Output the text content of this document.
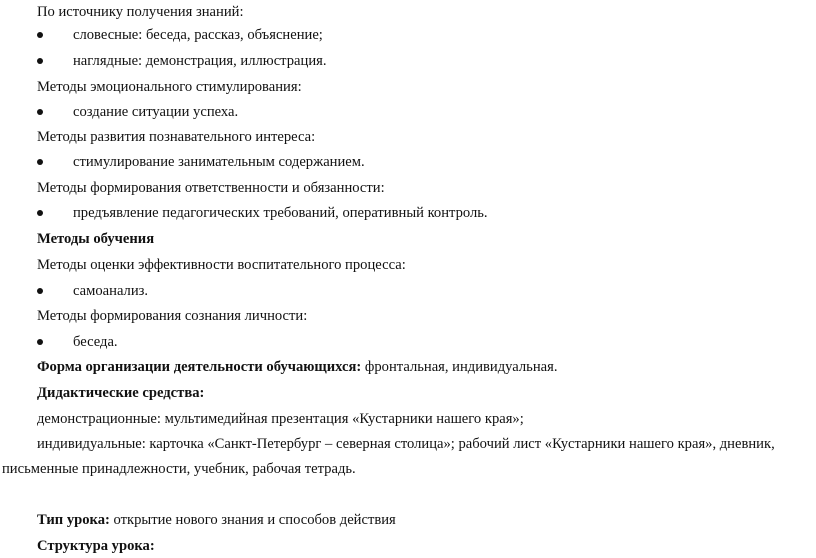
По источнику получения знаний:
словесные: беседа, рассказ, объяснение;
наглядные: демонстрация, иллюстрация.
Методы эмоционального стимулирования:
создание ситуации успеха.
Методы развития познавательного интереса:
стимулирование занимательным содержанием.
Методы формирования ответственности и обязанности:
предъявление педагогических требований, оперативный контроль.
Методы обучения
Методы оценки эффективности воспитательного процесса:
самоанализ.
Методы формирования сознания личности:
беседа.
Форма организации деятельности обучающихся: фронтальная, индивидуальная.
Дидактические средства:
демонстрационные: мультимедийная презентация «Кустарники нашего края»;
индивидуальные: карточка «Санкт-Петербург – северная столица»; рабочий лист «Кустарники нашего края», дневник,
письменные принадлежности, учебник, рабочая тетрадь.
Тип урока: открытие нового знания и способов действия
Структура урока:
